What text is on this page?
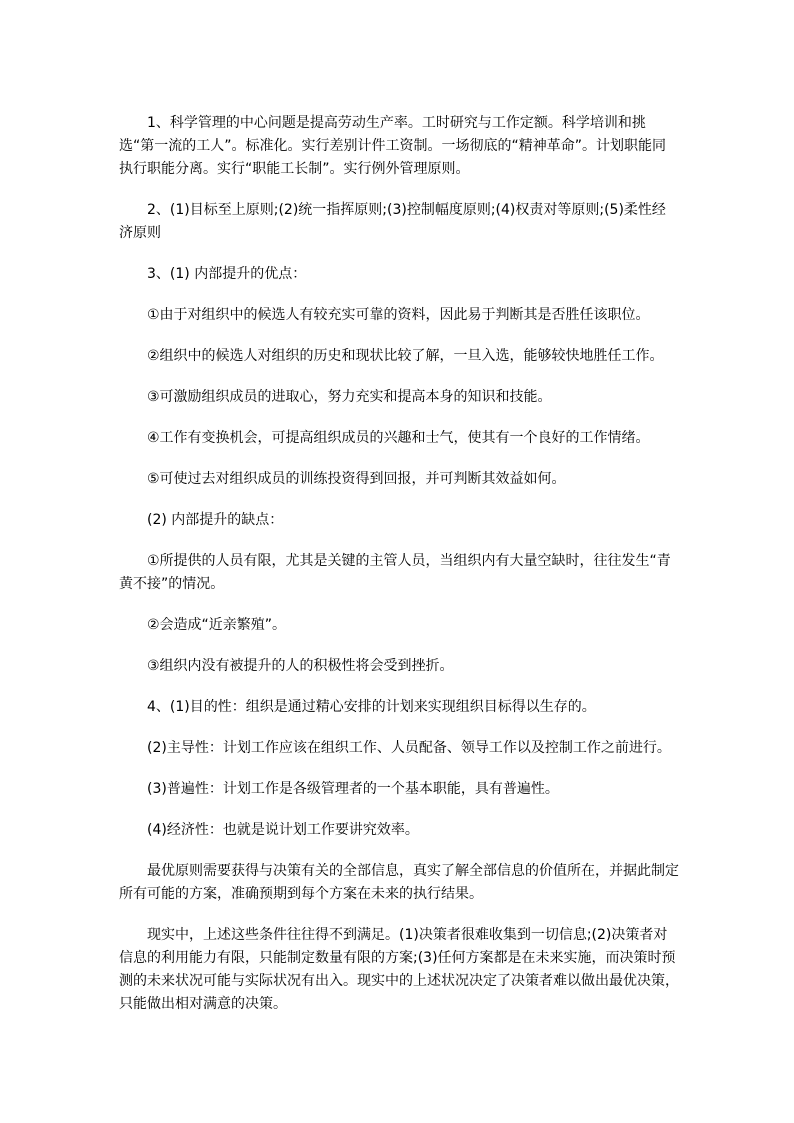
1、科学管理的中心问题是提高劳动生产率。工时研究与工作定额。科学培训和挑选“第一流的工人”。标准化。实行差别计件工资制。一场彻底的“精神革命”。计划职能同执行职能分离。实行“职能工长制”。实行例外管理原则。

2、(1)目标至上原则;(2)统一指挥原则;(3)控制幅度原则;(4)权责对等原则;(5)柔性经济原则

3、(1) 内部提升的优点：

①由于对组织中的候选人有较充实可靠的资料，因此易于判断其是否胜任该职位。

②组织中的候选人对组织的历史和现状比较了解，一旦入选，能够较快地胜任工作。

③可激励组织成员的进取心，努力充实和提高本身的知识和技能。

④工作有变换机会，可提高组织成员的兴趣和士气，使其有一个良好的工作情绪。

⑤可使过去对组织成员的训练投资得到回报，并可判断其效益如何。

(2) 内部提升的缺点：

①所提供的人员有限，尤其是关键的主管人员，当组织内有大量空缺时，往往发生“青黄不接”的情况。

②会造成“近亲繁殖”。

③组织内没有被提升的人的积极性将会受到挫折。

4、(1)目的性：组织是通过精心安排的计划来实现组织目标得以生存的。

(2)主导性：计划工作应该在组织工作、人员配备、领导工作以及控制工作之前进行。

(3)普遍性：计划工作是各级管理者的一个基本职能，具有普遍性。

(4)经济性：也就是说计划工作要讲究效率。

最优原则需要获得与决策有关的全部信息，真实了解全部信息的价值所在，并据此制定所有可能的方案，准确预期到每个方案在未来的执行结果。

现实中，上述这些条件往往得不到满足。(1)决策者很难收集到一切信息;(2)决策者对信息的利用能力有限，只能制定数量有限的方案;(3)任何方案都是在未来实施，而决策时预测的未来状况可能与实际状况有出入。现实中的上述状况决定了决策者难以做出最优决策，只能做出相对满意的决策。
